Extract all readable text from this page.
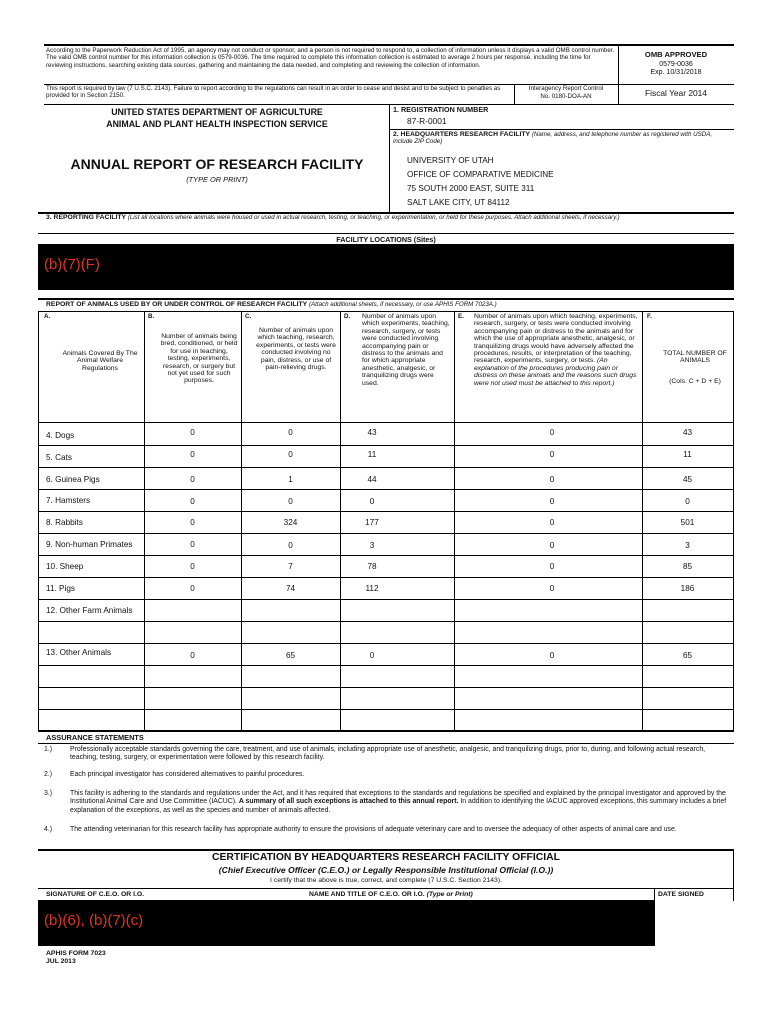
According to the Paperwork Reduction Act of 1995, an agency may not conduct or sponsor, and a person is not required to respond to, a collection of information unless it displays a valid OMB control number. The valid OMB control number for this information collection is 0579-0036. The time required to complete this information collection is estimated to average 2 hours per response, including the time for reviewing instructions, searching existing data sources, gathering and maintaining the data needed, and completing and reviewing the collection of information.
OMB APPROVED
0579-0036
Exp. 10/31/2018
This report is required by law (7 U.S.C. 2143). Failure to report according to the regulations can result in an order to cease and desist and to be subject to penalties as provided for in Section 2150.
Interagency Report Control
No. 0180-DOA-AN	Fiscal Year 2014
UNITED STATES DEPARTMENT OF AGRICULTURE
ANIMAL AND PLANT HEALTH INSPECTION SERVICE
ANNUAL REPORT OF RESEARCH FACILITY
(TYPE OR PRINT)
1. REGISTRATION NUMBER
87-R-0001
2. HEADQUARTERS RESEARCH FACILITY (Name, address, and telephone number as registered with USDA, include ZIP Code)
UNIVERSITY OF UTAH
OFFICE OF COMPARATIVE MEDICINE
75 SOUTH 2000 EAST, SUITE 311
SALT LAKE CITY, UT 84112
3. REPORTING FACILITY (List all locations where animals were housed or used in actual research, testing, or teaching, or experimentation, or held for these purposes. Attach additional sheets, if necessary.)
FACILITY LOCATIONS (Sites)
(b)(7)(F)
REPORT OF ANIMALS USED BY OR UNDER CONTROL OF RESEARCH FACILITY (Attach additional sheets, if necessary, or use APHIS FORM 7023A.)
A.	B.	C.	D.	E.	F.
Animals Covered By The Animal Welfare Regulations
Number of animals being bred, conditioned, or held for use in teaching, testing, experiments, research, or surgery but not yet used for such purposes.
Number of animals upon which teaching, research, experiments, or tests were conducted involving no pain, distress, or use of pain-relieving drugs.
Number of animals upon which experiments, teaching, research, surgery, or tests were conducted involving accompanying pain or distress to the animals and for which appropriate anesthetic, analgesic, or tranquilizing drugs were used.
Number of animals upon which teaching, experiments, research, surgery, or tests were conducted involving accompanying pain or distress to the animals and for which the use of appropriate anesthetic, analgesic, or tranquilizing drugs would have adversely affected the procedures, results, or interpretation of the teaching, research, experiments, surgery, or tests. (An explanation of the procedures producing pain or distress on these animals and the reasons such drugs were not used must be attached to this report.)
TOTAL NUMBER OF ANIMALS
(Cols. C + D + E)
4. Dogs	0	0	43	0	43
5. Cats	0	0	11	0	11
6. Guinea Pigs	0	1	44	0	45
7. Hamsters	0	0	0	0	0
8. Rabbits	0	324	177	0	501
9. Non-human Primates	0	0	3	0	3
10. Sheep	0	7	78	0	85
11. Pigs	0	74	112	0	186
12. Other Farm Animals
13. Other Animals	0	65	0	0	65
ASSURANCE STATEMENTS
1.)	Professionally acceptable standards governing the care, treatment, and use of animals, including appropriate use of anesthetic, analgesic, and tranquilizing drugs, prior to, during, and following actual research, teaching, testing, surgery, or experimentation were followed by this research facility.
2.)	Each principal investigator has considered alternatives to painful procedures.
3.)	This facility is adhering to the standards and regulations under the Act, and it has required that exceptions to the standards and regulations be specified and explained by the principal investigator and approved by the Institutional Animal Care and Use Committee (IACUC). A summary of all such exceptions is attached to this annual report. In addition to identifying the IACUC approved exceptions, this summary includes a brief explanation of the exceptions, as well as the species and number of animals affected.
4.)	The attending veterinarian for this research facility has appropriate authority to ensure the provisions of adequate veterinary care and to oversee the adequacy of other aspects of animal care and use.
CERTIFICATION BY HEADQUARTERS RESEARCH FACILITY OFFICIAL
(Chief Executive Officer (C.E.O.) or Legally Responsible Institutional Official (I.O.))
I certify that the above is true, correct, and complete (7 U.S.C. Section 2143).
SIGNATURE OF C.E.O. OR I.O.	NAME AND TITLE OF C.E.O. OR I.O. (Type or Print)	DATE SIGNED
(b)(6), (b)(7)(c)
APHIS FORM 7023
JUL 2013
